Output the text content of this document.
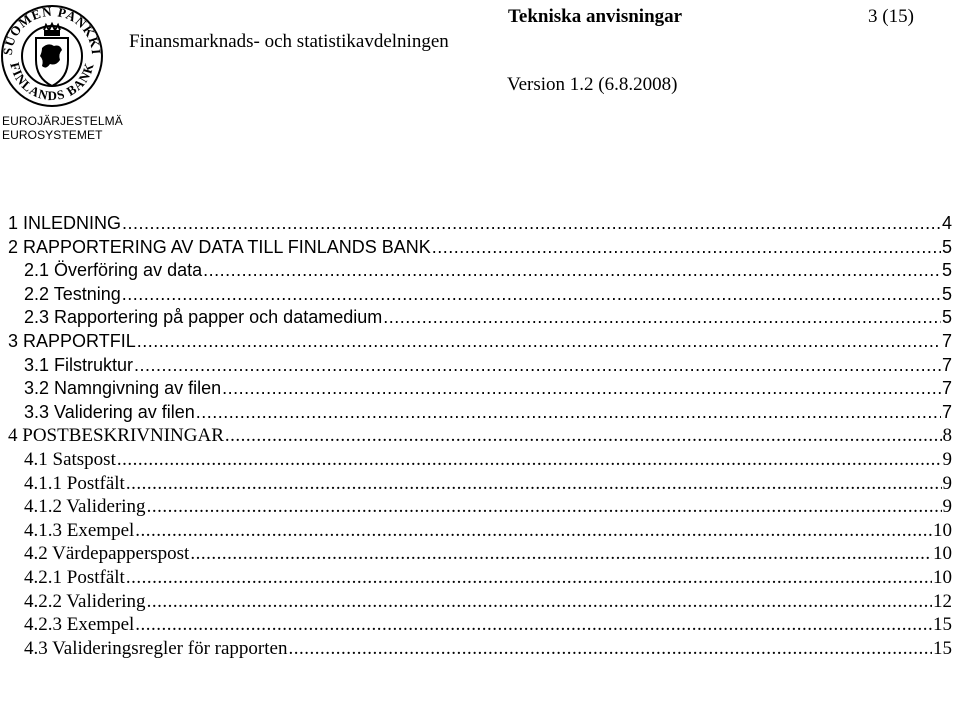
SUOMEN PANKKI
FINLANDS BANK
EUROJÄRJESTELMÄ
EUROSYSTEMET
Tekniska anvisningar	3 (15)
Finansmarknads- och statistikavdelningen
Version 1.2 (6.8.2008)
1 INLEDNING .....	4
2 RAPPORTERING AV DATA TILL FINLANDS BANK .....	5
2.1 Överföring av data .....	5
2.2 Testning .....	5
2.3 Rapportering på papper och datamedium .....	5
3 RAPPORTFIL .....	7
3.1 Filstruktur .....	7
3.2 Namngivning av filen .....	7
3.3 Validering av filen .....	7
4 POSTBESKRIVNINGAR .....	8
4.1 Satspost .....	9
4.1.1 Postfält .....	9
4.1.2 Validering .....	9
4.1.3 Exempel .....	10
4.2 Värdepapperspost .....	10
4.2.1 Postfält .....	10
4.2.2 Validering .....	12
4.2.3 Exempel .....	15
4.3 Valideringsregler för rapporten .....	15
